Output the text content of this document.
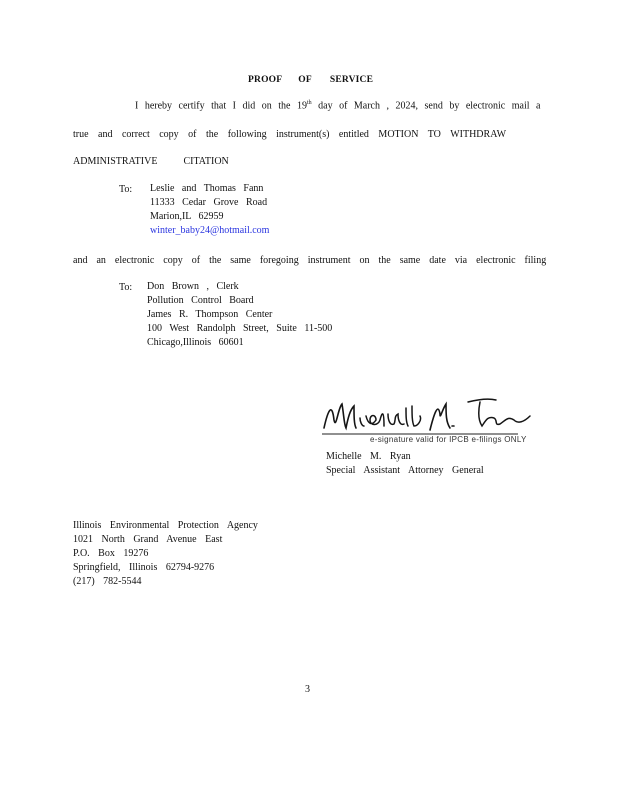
PROOF OF SERVICE
I hereby certify that I did on the 19th day of March , 2024, send by electronic mail a
true and correct copy of the following instrument(s) entitled MOTION TO WITHDRAW
ADMINISTRATIVE	CITATION
To: Leslie and Thomas Fann
11333 Cedar Grove Road
Marion,IL 62959
winter_baby24@hotmail.com
and an electronic copy of the same foregoing instrument on the same date via electronic filing
To: Don Brown , Clerk
Pollution Control Board
James R. Thompson Center
100 West Randolph Street, Suite 11-500
Chicago,Illinois 60601
e-signature valid for IPCB e-filings ONLY
Michelle M. Ryan
Special Assistant Attorney General
Illinois Environmental Protection Agency
1021 North Grand Avenue East
P.O. Box 19276
Springfield, Illinois 62794-9276
(217) 782-5544
3
